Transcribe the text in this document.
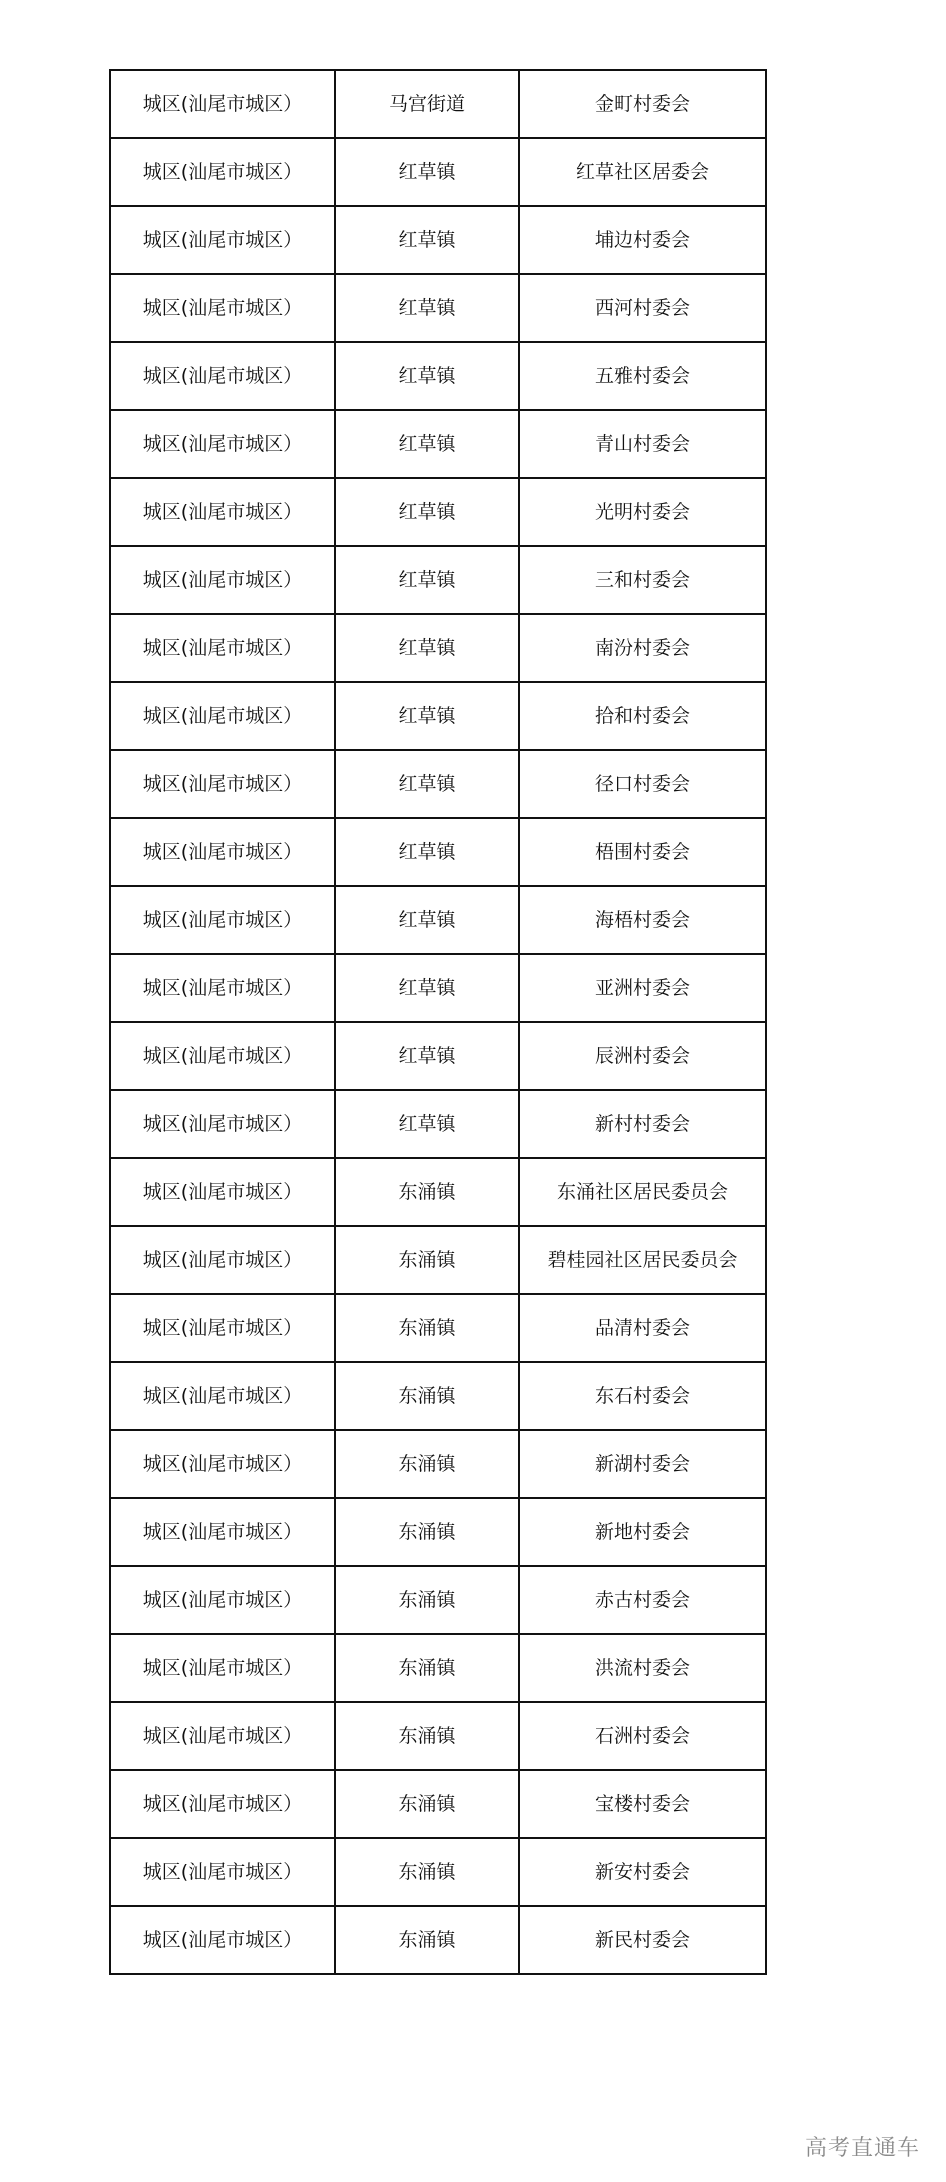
城区(汕尾市城区）	马宫街道	金町村委会
城区(汕尾市城区）	红草镇	红草社区居委会
城区(汕尾市城区）	红草镇	埔边村委会
城区(汕尾市城区）	红草镇	西河村委会
城区(汕尾市城区）	红草镇	五雅村委会
城区(汕尾市城区）	红草镇	青山村委会
城区(汕尾市城区）	红草镇	光明村委会
城区(汕尾市城区）	红草镇	三和村委会
城区(汕尾市城区）	红草镇	南汾村委会
城区(汕尾市城区）	红草镇	拾和村委会
城区(汕尾市城区）	红草镇	径口村委会
城区(汕尾市城区）	红草镇	梧围村委会
城区(汕尾市城区）	红草镇	海梧村委会
城区(汕尾市城区）	红草镇	亚洲村委会
城区(汕尾市城区）	红草镇	辰洲村委会
城区(汕尾市城区）	红草镇	新村村委会
城区(汕尾市城区）	东涌镇	东涌社区居民委员会
城区(汕尾市城区）	东涌镇	碧桂园社区居民委员会
城区(汕尾市城区）	东涌镇	品清村委会
城区(汕尾市城区）	东涌镇	东石村委会
城区(汕尾市城区）	东涌镇	新湖村委会
城区(汕尾市城区）	东涌镇	新地村委会
城区(汕尾市城区）	东涌镇	赤古村委会
城区(汕尾市城区）	东涌镇	洪流村委会
城区(汕尾市城区）	东涌镇	石洲村委会
城区(汕尾市城区）	东涌镇	宝楼村委会
城区(汕尾市城区）	东涌镇	新安村委会
城区(汕尾市城区）	东涌镇	新民村委会
高考直通车
